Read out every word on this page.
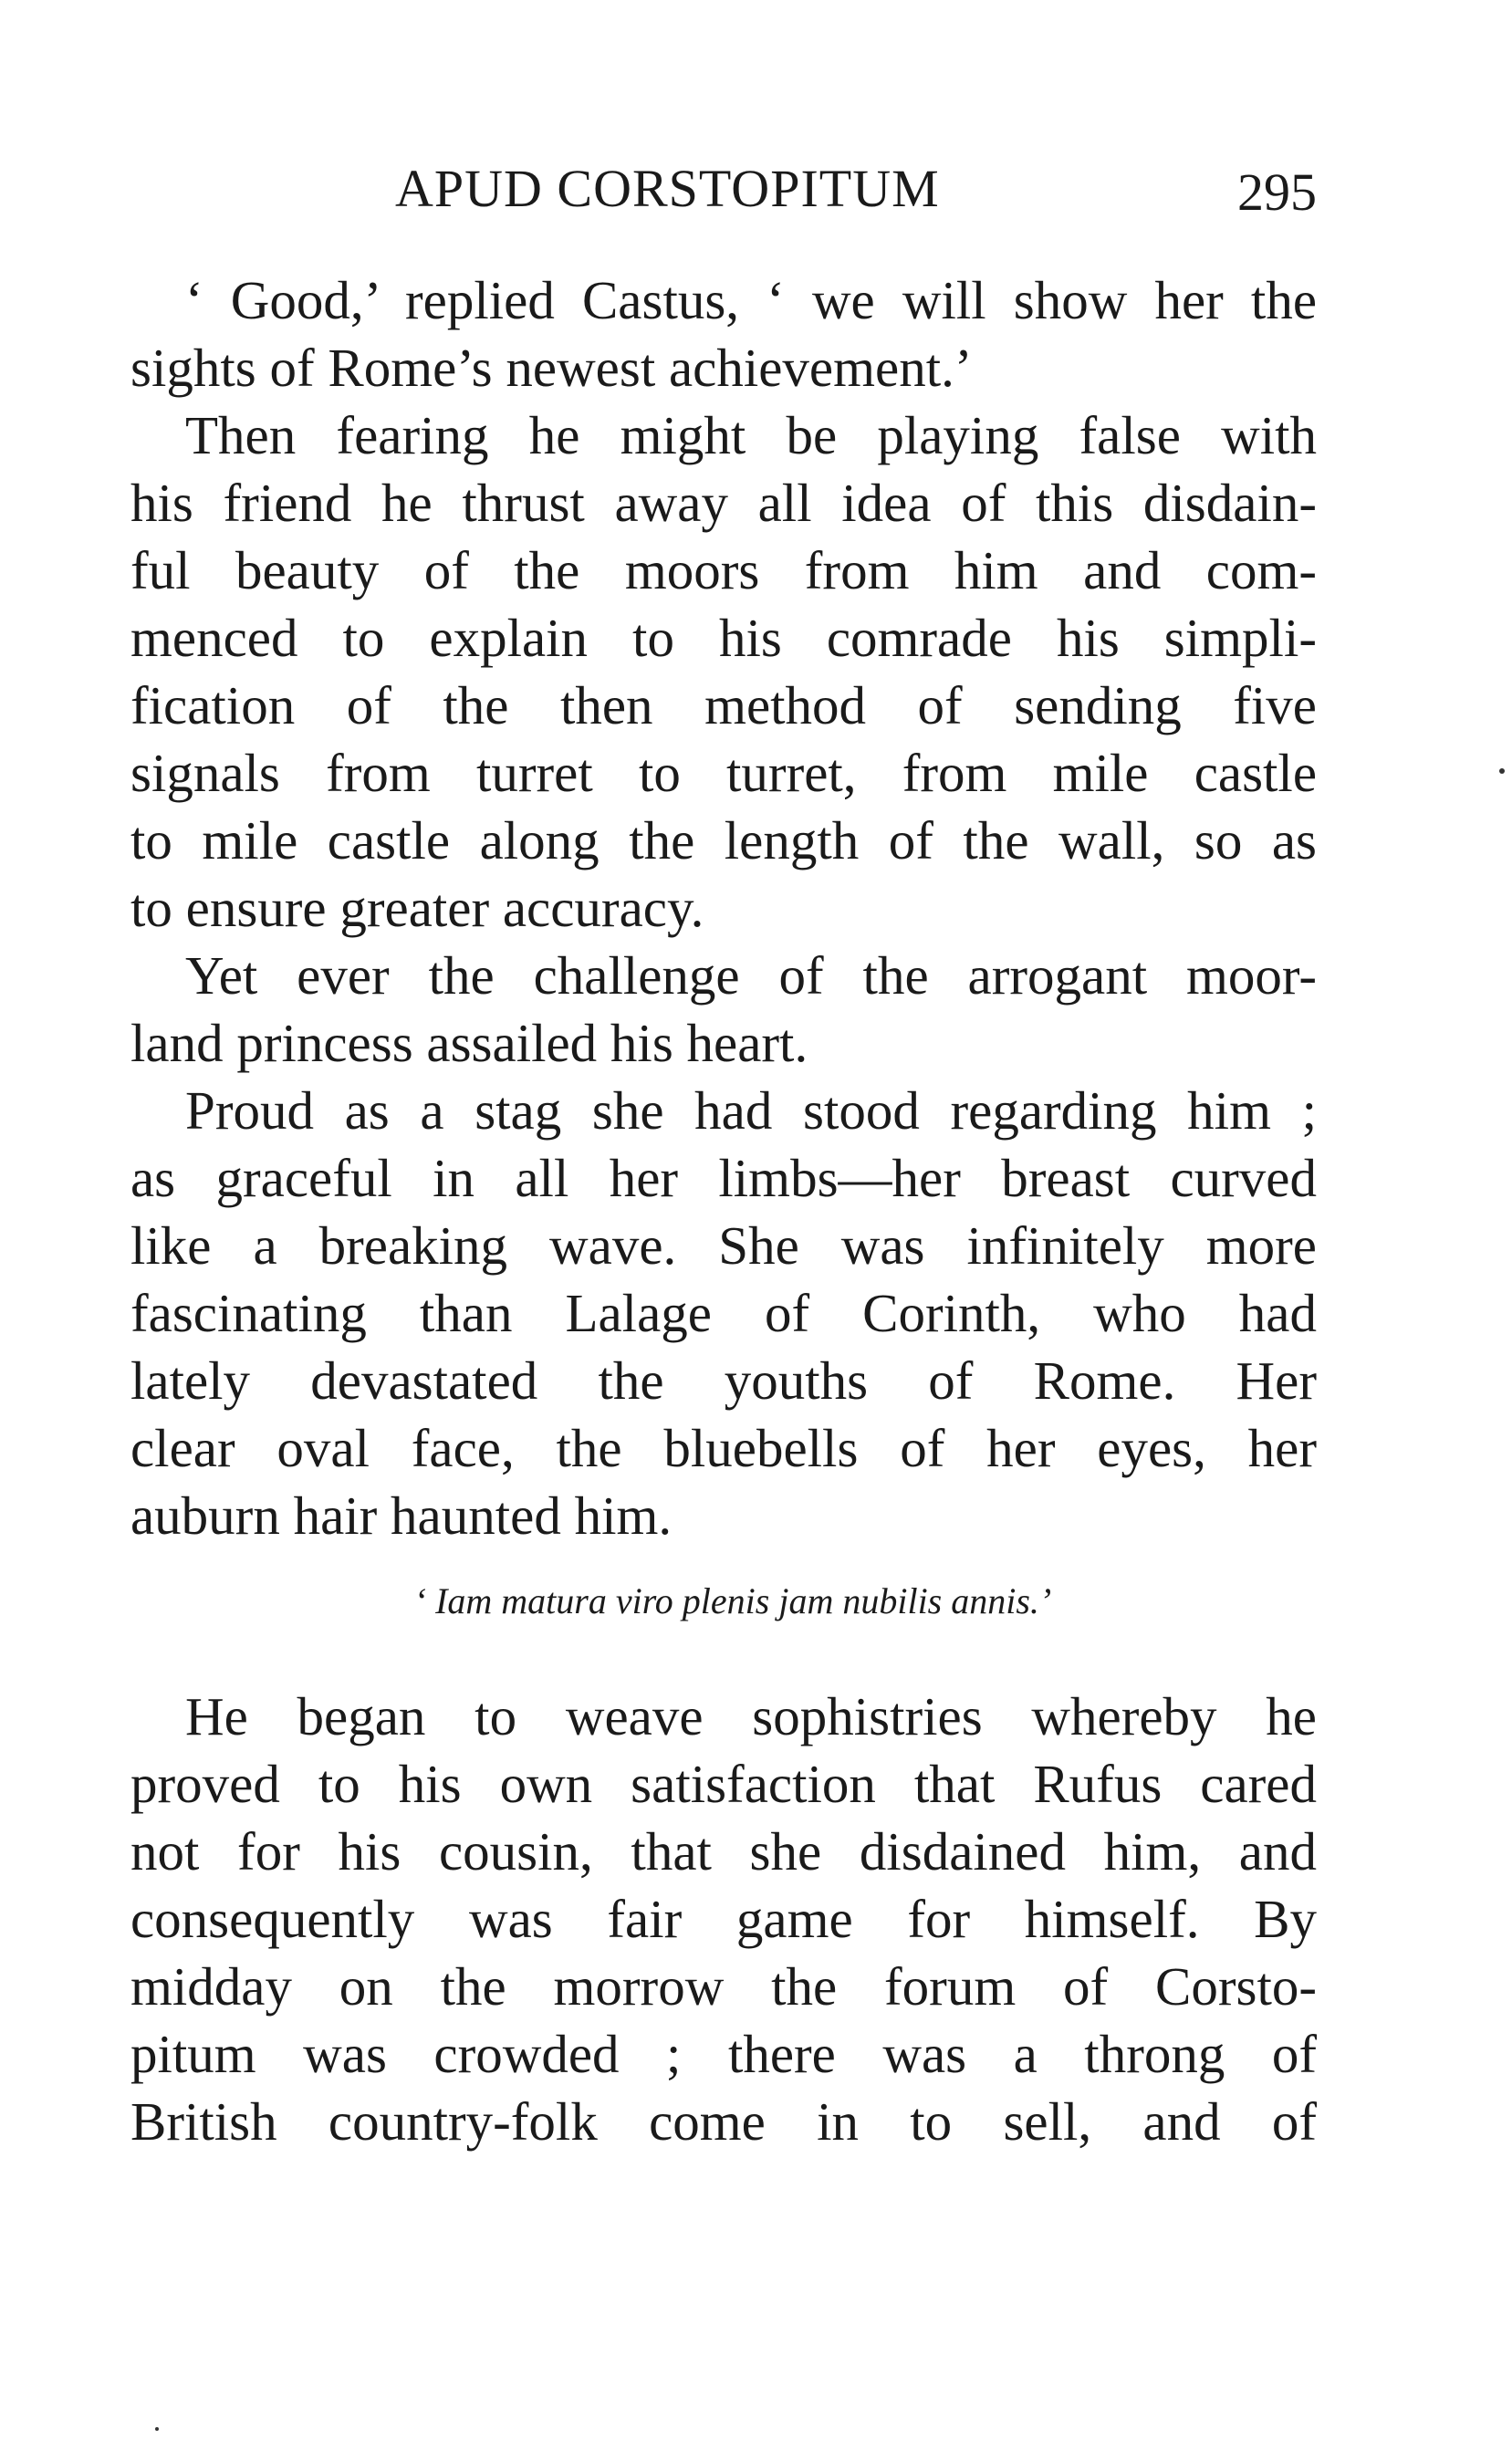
APUD CORSTOPITUM	295
‘ Good,’ replied Castus, ‘ we will show her the
sights of Rome’s newest achievement.’
Then fearing he might be playing false with
his friend he thrust away all idea of this disdain-
ful beauty of the moors from him and com-
menced to explain to his comrade his simpli-
fication of the then method of sending five
signals from turret to turret, from mile castle
to mile castle along the length of the wall, so as
to ensure greater accuracy.
Yet ever the challenge of the arrogant moor-
land princess assailed his heart.
Proud as a stag she had stood regarding him ;
as graceful in all her limbs—her breast curved
like a breaking wave. She was infinitely more
fascinating than Lalage of Corinth, who had
lately devastated the youths of Rome. Her
clear oval face, the bluebells of her eyes, her
auburn hair haunted him.
‘ Iam matura viro plenis jam nubilis annis.’
He began to weave sophistries whereby he
proved to his own satisfaction that Rufus cared
not for his cousin, that she disdained him, and
consequently was fair game for himself. By
midday on the morrow the forum of Corsto-
pitum was crowded ; there was a throng of
British country-folk come in to sell, and of
